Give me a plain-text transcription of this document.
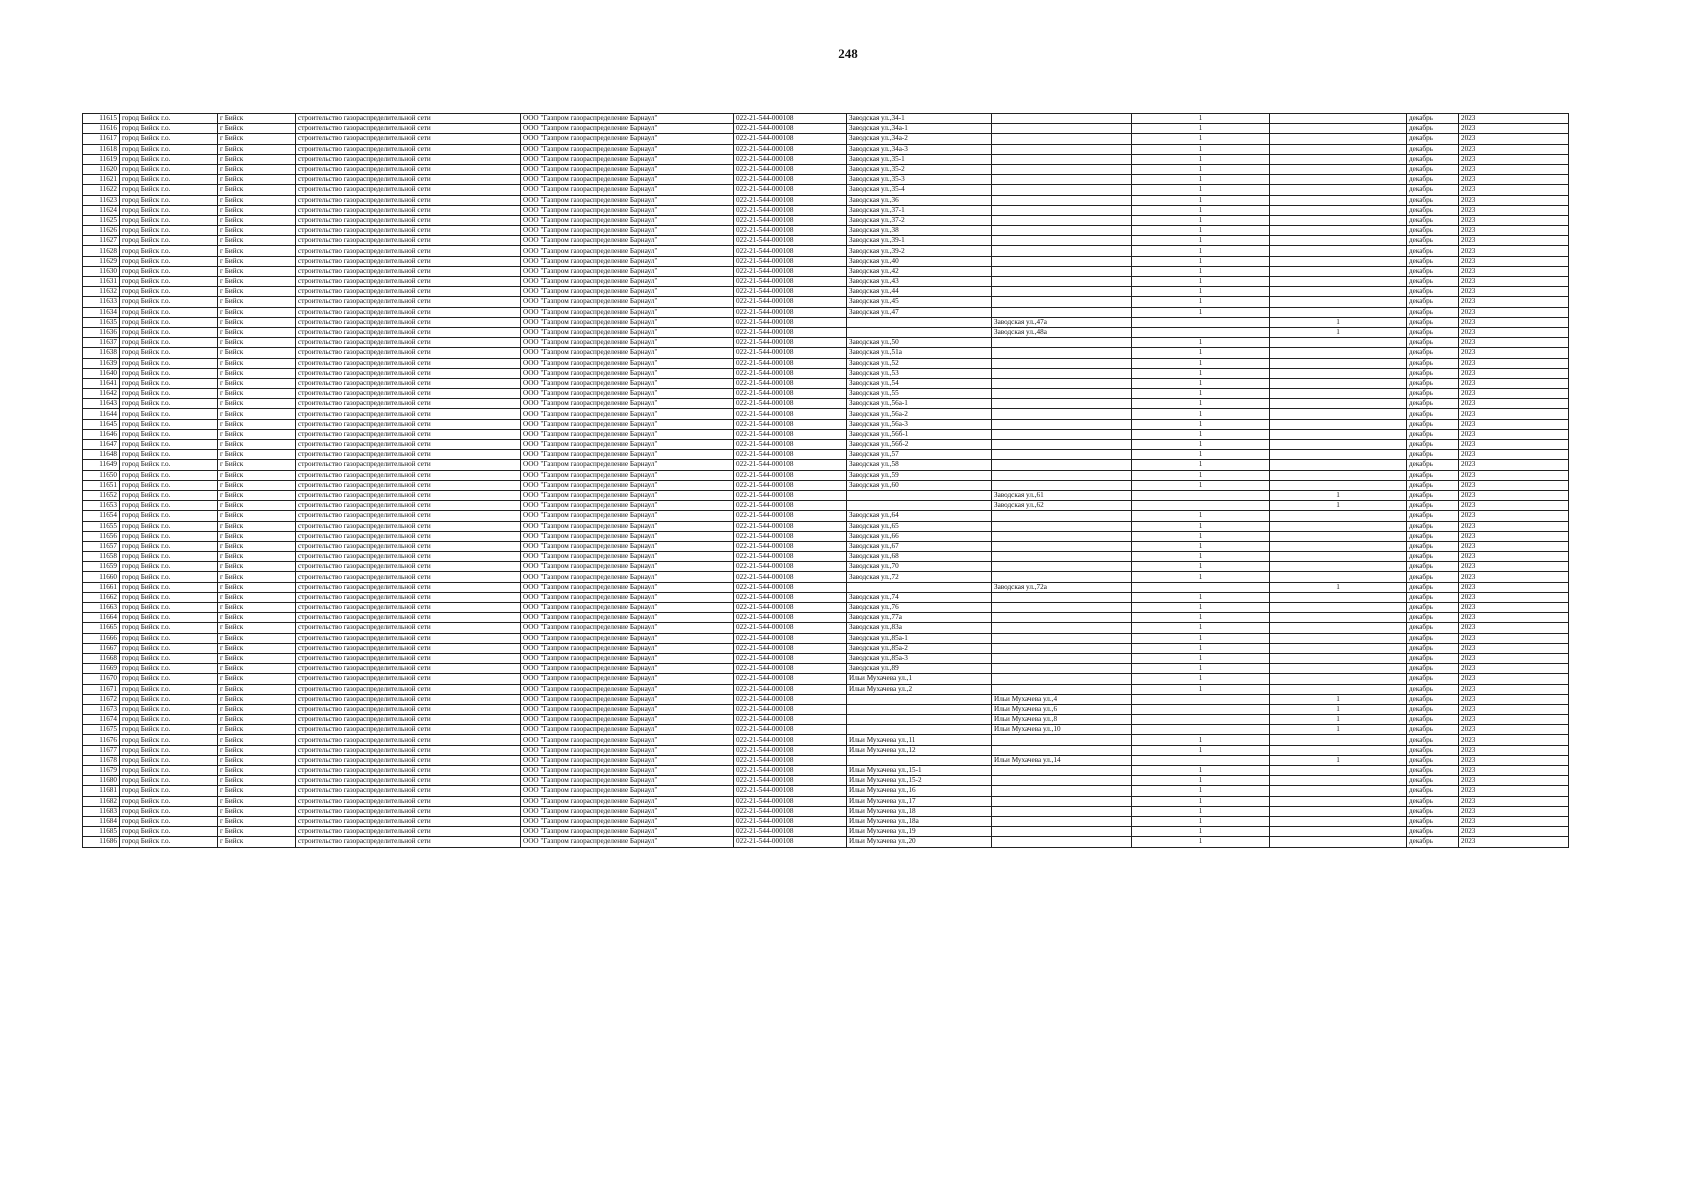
248
11615	город Бийск г.о.	г Бийск	строительство газораспределительной сети	ООО "Газпром газораспределение Барнаул"	022-21-544-000108	Заводская ул.,34-1		1		декабрь	2023
11616	город Бийск г.о.	г Бийск	строительство газораспределительной сети	ООО "Газпром газораспределение Барнаул"	022-21-544-000108	Заводская ул.,34а-1		1		декабрь	2023
11617	город Бийск г.о.	г Бийск	строительство газораспределительной сети	ООО "Газпром газораспределение Барнаул"	022-21-544-000108	Заводская ул.,34а-2		1		декабрь	2023
11618	город Бийск г.о.	г Бийск	строительство газораспределительной сети	ООО "Газпром газораспределение Барнаул"	022-21-544-000108	Заводская ул.,34а-3		1		декабрь	2023
11619	город Бийск г.о.	г Бийск	строительство газораспределительной сети	ООО "Газпром газораспределение Барнаул"	022-21-544-000108	Заводская ул.,35-1		1		декабрь	2023
11620	город Бийск г.о.	г Бийск	строительство газораспределительной сети	ООО "Газпром газораспределение Барнаул"	022-21-544-000108	Заводская ул.,35-2		1		декабрь	2023
11621	город Бийск г.о.	г Бийск	строительство газораспределительной сети	ООО "Газпром газораспределение Барнаул"	022-21-544-000108	Заводская ул.,35-3		1		декабрь	2023
11622	город Бийск г.о.	г Бийск	строительство газораспределительной сети	ООО "Газпром газораспределение Барнаул"	022-21-544-000108	Заводская ул.,35-4		1		декабрь	2023
11623	город Бийск г.о.	г Бийск	строительство газораспределительной сети	ООО "Газпром газораспределение Барнаул"	022-21-544-000108	Заводская ул.,36		1		декабрь	2023
11624	город Бийск г.о.	г Бийск	строительство газораспределительной сети	ООО "Газпром газораспределение Барнаул"	022-21-544-000108	Заводская ул.,37-1		1		декабрь	2023
11625	город Бийск г.о.	г Бийск	строительство газораспределительной сети	ООО "Газпром газораспределение Барнаул"	022-21-544-000108	Заводская ул.,37-2		1		декабрь	2023
11626	город Бийск г.о.	г Бийск	строительство газораспределительной сети	ООО "Газпром газораспределение Барнаул"	022-21-544-000108	Заводская ул.,38		1		декабрь	2023
11627	город Бийск г.о.	г Бийск	строительство газораспределительной сети	ООО "Газпром газораспределение Барнаул"	022-21-544-000108	Заводская ул.,39-1		1		декабрь	2023
11628	город Бийск г.о.	г Бийск	строительство газораспределительной сети	ООО "Газпром газораспределение Барнаул"	022-21-544-000108	Заводская ул.,39-2		1		декабрь	2023
11629	город Бийск г.о.	г Бийск	строительство газораспределительной сети	ООО "Газпром газораспределение Барнаул"	022-21-544-000108	Заводская ул.,40		1		декабрь	2023
11630	город Бийск г.о.	г Бийск	строительство газораспределительной сети	ООО "Газпром газораспределение Барнаул"	022-21-544-000108	Заводская ул.,42		1		декабрь	2023
11631	город Бийск г.о.	г Бийск	строительство газораспределительной сети	ООО "Газпром газораспределение Барнаул"	022-21-544-000108	Заводская ул.,43		1		декабрь	2023
11632	город Бийск г.о.	г Бийск	строительство газораспределительной сети	ООО "Газпром газораспределение Барнаул"	022-21-544-000108	Заводская ул.,44		1		декабрь	2023
11633	город Бийск г.о.	г Бийск	строительство газораспределительной сети	ООО "Газпром газораспределение Барнаул"	022-21-544-000108	Заводская ул.,45		1		декабрь	2023
11634	город Бийск г.о.	г Бийск	строительство газораспределительной сети	ООО "Газпром газораспределение Барнаул"	022-21-544-000108	Заводская ул.,47		1		декабрь	2023
11635	город Бийск г.о.	г Бийск	строительство газораспределительной сети	ООО "Газпром газораспределение Барнаул"	022-21-544-000108		Заводская ул.,47а		1	декабрь	2023
11636	город Бийск г.о.	г Бийск	строительство газораспределительной сети	ООО "Газпром газораспределение Барнаул"	022-21-544-000108		Заводская ул.,48а		1	декабрь	2023
11637	город Бийск г.о.	г Бийск	строительство газораспределительной сети	ООО "Газпром газораспределение Барнаул"	022-21-544-000108	Заводская ул.,50		1		декабрь	2023
11638	город Бийск г.о.	г Бийск	строительство газораспределительной сети	ООО "Газпром газораспределение Барнаул"	022-21-544-000108	Заводская ул.,51а		1		декабрь	2023
11639	город Бийск г.о.	г Бийск	строительство газораспределительной сети	ООО "Газпром газораспределение Барнаул"	022-21-544-000108	Заводская ул.,52		1		декабрь	2023
11640	город Бийск г.о.	г Бийск	строительство газораспределительной сети	ООО "Газпром газораспределение Барнаул"	022-21-544-000108	Заводская ул.,53		1		декабрь	2023
11641	город Бийск г.о.	г Бийск	строительство газораспределительной сети	ООО "Газпром газораспределение Барнаул"	022-21-544-000108	Заводская ул.,54		1		декабрь	2023
11642	город Бийск г.о.	г Бийск	строительство газораспределительной сети	ООО "Газпром газораспределение Барнаул"	022-21-544-000108	Заводская ул.,55		1		декабрь	2023
11643	город Бийск г.о.	г Бийск	строительство газораспределительной сети	ООО "Газпром газораспределение Барнаул"	022-21-544-000108	Заводская ул.,56а-1		1		декабрь	2023
11644	город Бийск г.о.	г Бийск	строительство газораспределительной сети	ООО "Газпром газораспределение Барнаул"	022-21-544-000108	Заводская ул.,56а-2		1		декабрь	2023
11645	город Бийск г.о.	г Бийск	строительство газораспределительной сети	ООО "Газпром газораспределение Барнаул"	022-21-544-000108	Заводская ул.,56а-3		1		декабрь	2023
11646	город Бийск г.о.	г Бийск	строительство газораспределительной сети	ООО "Газпром газораспределение Барнаул"	022-21-544-000108	Заводская ул.,56б-1		1		декабрь	2023
11647	город Бийск г.о.	г Бийск	строительство газораспределительной сети	ООО "Газпром газораспределение Барнаул"	022-21-544-000108	Заводская ул.,56б-2		1		декабрь	2023
11648	город Бийск г.о.	г Бийск	строительство газораспределительной сети	ООО "Газпром газораспределение Барнаул"	022-21-544-000108	Заводская ул.,57		1		декабрь	2023
11649	город Бийск г.о.	г Бийск	строительство газораспределительной сети	ООО "Газпром газораспределение Барнаул"	022-21-544-000108	Заводская ул.,58		1		декабрь	2023
11650	город Бийск г.о.	г Бийск	строительство газораспределительной сети	ООО "Газпром газораспределение Барнаул"	022-21-544-000108	Заводская ул.,59		1		декабрь	2023
11651	город Бийск г.о.	г Бийск	строительство газораспределительной сети	ООО "Газпром газораспределение Барнаул"	022-21-544-000108	Заводская ул.,60		1		декабрь	2023
11652	город Бийск г.о.	г Бийск	строительство газораспределительной сети	ООО "Газпром газораспределение Барнаул"	022-21-544-000108		Заводская ул.,61		1	декабрь	2023
11653	город Бийск г.о.	г Бийск	строительство газораспределительной сети	ООО "Газпром газораспределение Барнаул"	022-21-544-000108		Заводская ул.,62		1	декабрь	2023
11654	город Бийск г.о.	г Бийск	строительство газораспределительной сети	ООО "Газпром газораспределение Барнаул"	022-21-544-000108	Заводская ул.,64		1		декабрь	2023
11655	город Бийск г.о.	г Бийск	строительство газораспределительной сети	ООО "Газпром газораспределение Барнаул"	022-21-544-000108	Заводская ул.,65		1		декабрь	2023
11656	город Бийск г.о.	г Бийск	строительство газораспределительной сети	ООО "Газпром газораспределение Барнаул"	022-21-544-000108	Заводская ул.,66		1		декабрь	2023
11657	город Бийск г.о.	г Бийск	строительство газораспределительной сети	ООО "Газпром газораспределение Барнаул"	022-21-544-000108	Заводская ул.,67		1		декабрь	2023
11658	город Бийск г.о.	г Бийск	строительство газораспределительной сети	ООО "Газпром газораспределение Барнаул"	022-21-544-000108	Заводская ул.,68		1		декабрь	2023
11659	город Бийск г.о.	г Бийск	строительство газораспределительной сети	ООО "Газпром газораспределение Барнаул"	022-21-544-000108	Заводская ул.,70		1		декабрь	2023
11660	город Бийск г.о.	г Бийск	строительство газораспределительной сети	ООО "Газпром газораспределение Барнаул"	022-21-544-000108	Заводская ул.,72		1		декабрь	2023
11661	город Бийск г.о.	г Бийск	строительство газораспределительной сети	ООО "Газпром газораспределение Барнаул"	022-21-544-000108		Заводская ул.,72а		1	декабрь	2023
11662	город Бийск г.о.	г Бийск	строительство газораспределительной сети	ООО "Газпром газораспределение Барнаул"	022-21-544-000108	Заводская ул.,74		1		декабрь	2023
11663	город Бийск г.о.	г Бийск	строительство газораспределительной сети	ООО "Газпром газораспределение Барнаул"	022-21-544-000108	Заводская ул.,76		1		декабрь	2023
11664	город Бийск г.о.	г Бийск	строительство газораспределительной сети	ООО "Газпром газораспределение Барнаул"	022-21-544-000108	Заводская ул.,77а		1		декабрь	2023
11665	город Бийск г.о.	г Бийск	строительство газораспределительной сети	ООО "Газпром газораспределение Барнаул"	022-21-544-000108	Заводская ул.,83а		1		декабрь	2023
11666	город Бийск г.о.	г Бийск	строительство газораспределительной сети	ООО "Газпром газораспределение Барнаул"	022-21-544-000108	Заводская ул.,85а-1		1		декабрь	2023
11667	город Бийск г.о.	г Бийск	строительство газораспределительной сети	ООО "Газпром газораспределение Барнаул"	022-21-544-000108	Заводская ул.,85а-2		1		декабрь	2023
11668	город Бийск г.о.	г Бийск	строительство газораспределительной сети	ООО "Газпром газораспределение Барнаул"	022-21-544-000108	Заводская ул.,85а-3		1		декабрь	2023
11669	город Бийск г.о.	г Бийск	строительство газораспределительной сети	ООО "Газпром газораспределение Барнаул"	022-21-544-000108	Заводская ул.,89		1		декабрь	2023
11670	город Бийск г.о.	г Бийск	строительство газораспределительной сети	ООО "Газпром газораспределение Барнаул"	022-21-544-000108	Ильи Мухачева ул.,1		1		декабрь	2023
11671	город Бийск г.о.	г Бийск	строительство газораспределительной сети	ООО "Газпром газораспределение Барнаул"	022-21-544-000108	Ильи Мухачева ул.,2		1		декабрь	2023
11672	город Бийск г.о.	г Бийск	строительство газораспределительной сети	ООО "Газпром газораспределение Барнаул"	022-21-544-000108		Ильи Мухачева ул.,4		1	декабрь	2023
11673	город Бийск г.о.	г Бийск	строительство газораспределительной сети	ООО "Газпром газораспределение Барнаул"	022-21-544-000108		Ильи Мухачева ул.,6		1	декабрь	2023
11674	город Бийск г.о.	г Бийск	строительство газораспределительной сети	ООО "Газпром газораспределение Барнаул"	022-21-544-000108		Ильи Мухачева ул.,8		1	декабрь	2023
11675	город Бийск г.о.	г Бийск	строительство газораспределительной сети	ООО "Газпром газораспределение Барнаул"	022-21-544-000108		Ильи Мухачева ул.,10		1	декабрь	2023
11676	город Бийск г.о.	г Бийск	строительство газораспределительной сети	ООО "Газпром газораспределение Барнаул"	022-21-544-000108	Ильи Мухачева ул.,11		1		декабрь	2023
11677	город Бийск г.о.	г Бийск	строительство газораспределительной сети	ООО "Газпром газораспределение Барнаул"	022-21-544-000108	Ильи Мухачева ул.,12		1		декабрь	2023
11678	город Бийск г.о.	г Бийск	строительство газораспределительной сети	ООО "Газпром газораспределение Барнаул"	022-21-544-000108		Ильи Мухачева ул.,14		1	декабрь	2023
11679	город Бийск г.о.	г Бийск	строительство газораспределительной сети	ООО "Газпром газораспределение Барнаул"	022-21-544-000108	Ильи Мухачева ул.,15-1		1		декабрь	2023
11680	город Бийск г.о.	г Бийск	строительство газораспределительной сети	ООО "Газпром газораспределение Барнаул"	022-21-544-000108	Ильи Мухачева ул.,15-2		1		декабрь	2023
11681	город Бийск г.о.	г Бийск	строительство газораспределительной сети	ООО "Газпром газораспределение Барнаул"	022-21-544-000108	Ильи Мухачева ул.,16		1		декабрь	2023
11682	город Бийск г.о.	г Бийск	строительство газораспределительной сети	ООО "Газпром газораспределение Барнаул"	022-21-544-000108	Ильи Мухачева ул.,17		1		декабрь	2023
11683	город Бийск г.о.	г Бийск	строительство газораспределительной сети	ООО "Газпром газораспределение Барнаул"	022-21-544-000108	Ильи Мухачева ул.,18		1		декабрь	2023
11684	город Бийск г.о.	г Бийск	строительство газораспределительной сети	ООО "Газпром газораспределение Барнаул"	022-21-544-000108	Ильи Мухачева ул.,18а		1		декабрь	2023
11685	город Бийск г.о.	г Бийск	строительство газораспределительной сети	ООО "Газпром газораспределение Барнаул"	022-21-544-000108	Ильи Мухачева ул.,19		1		декабрь	2023
11686	город Бийск г.о.	г Бийск	строительство газораспределительной сети	ООО "Газпром газораспределение Барнаул"	022-21-544-000108	Ильи Мухачева ул.,20		1		декабрь	2023
